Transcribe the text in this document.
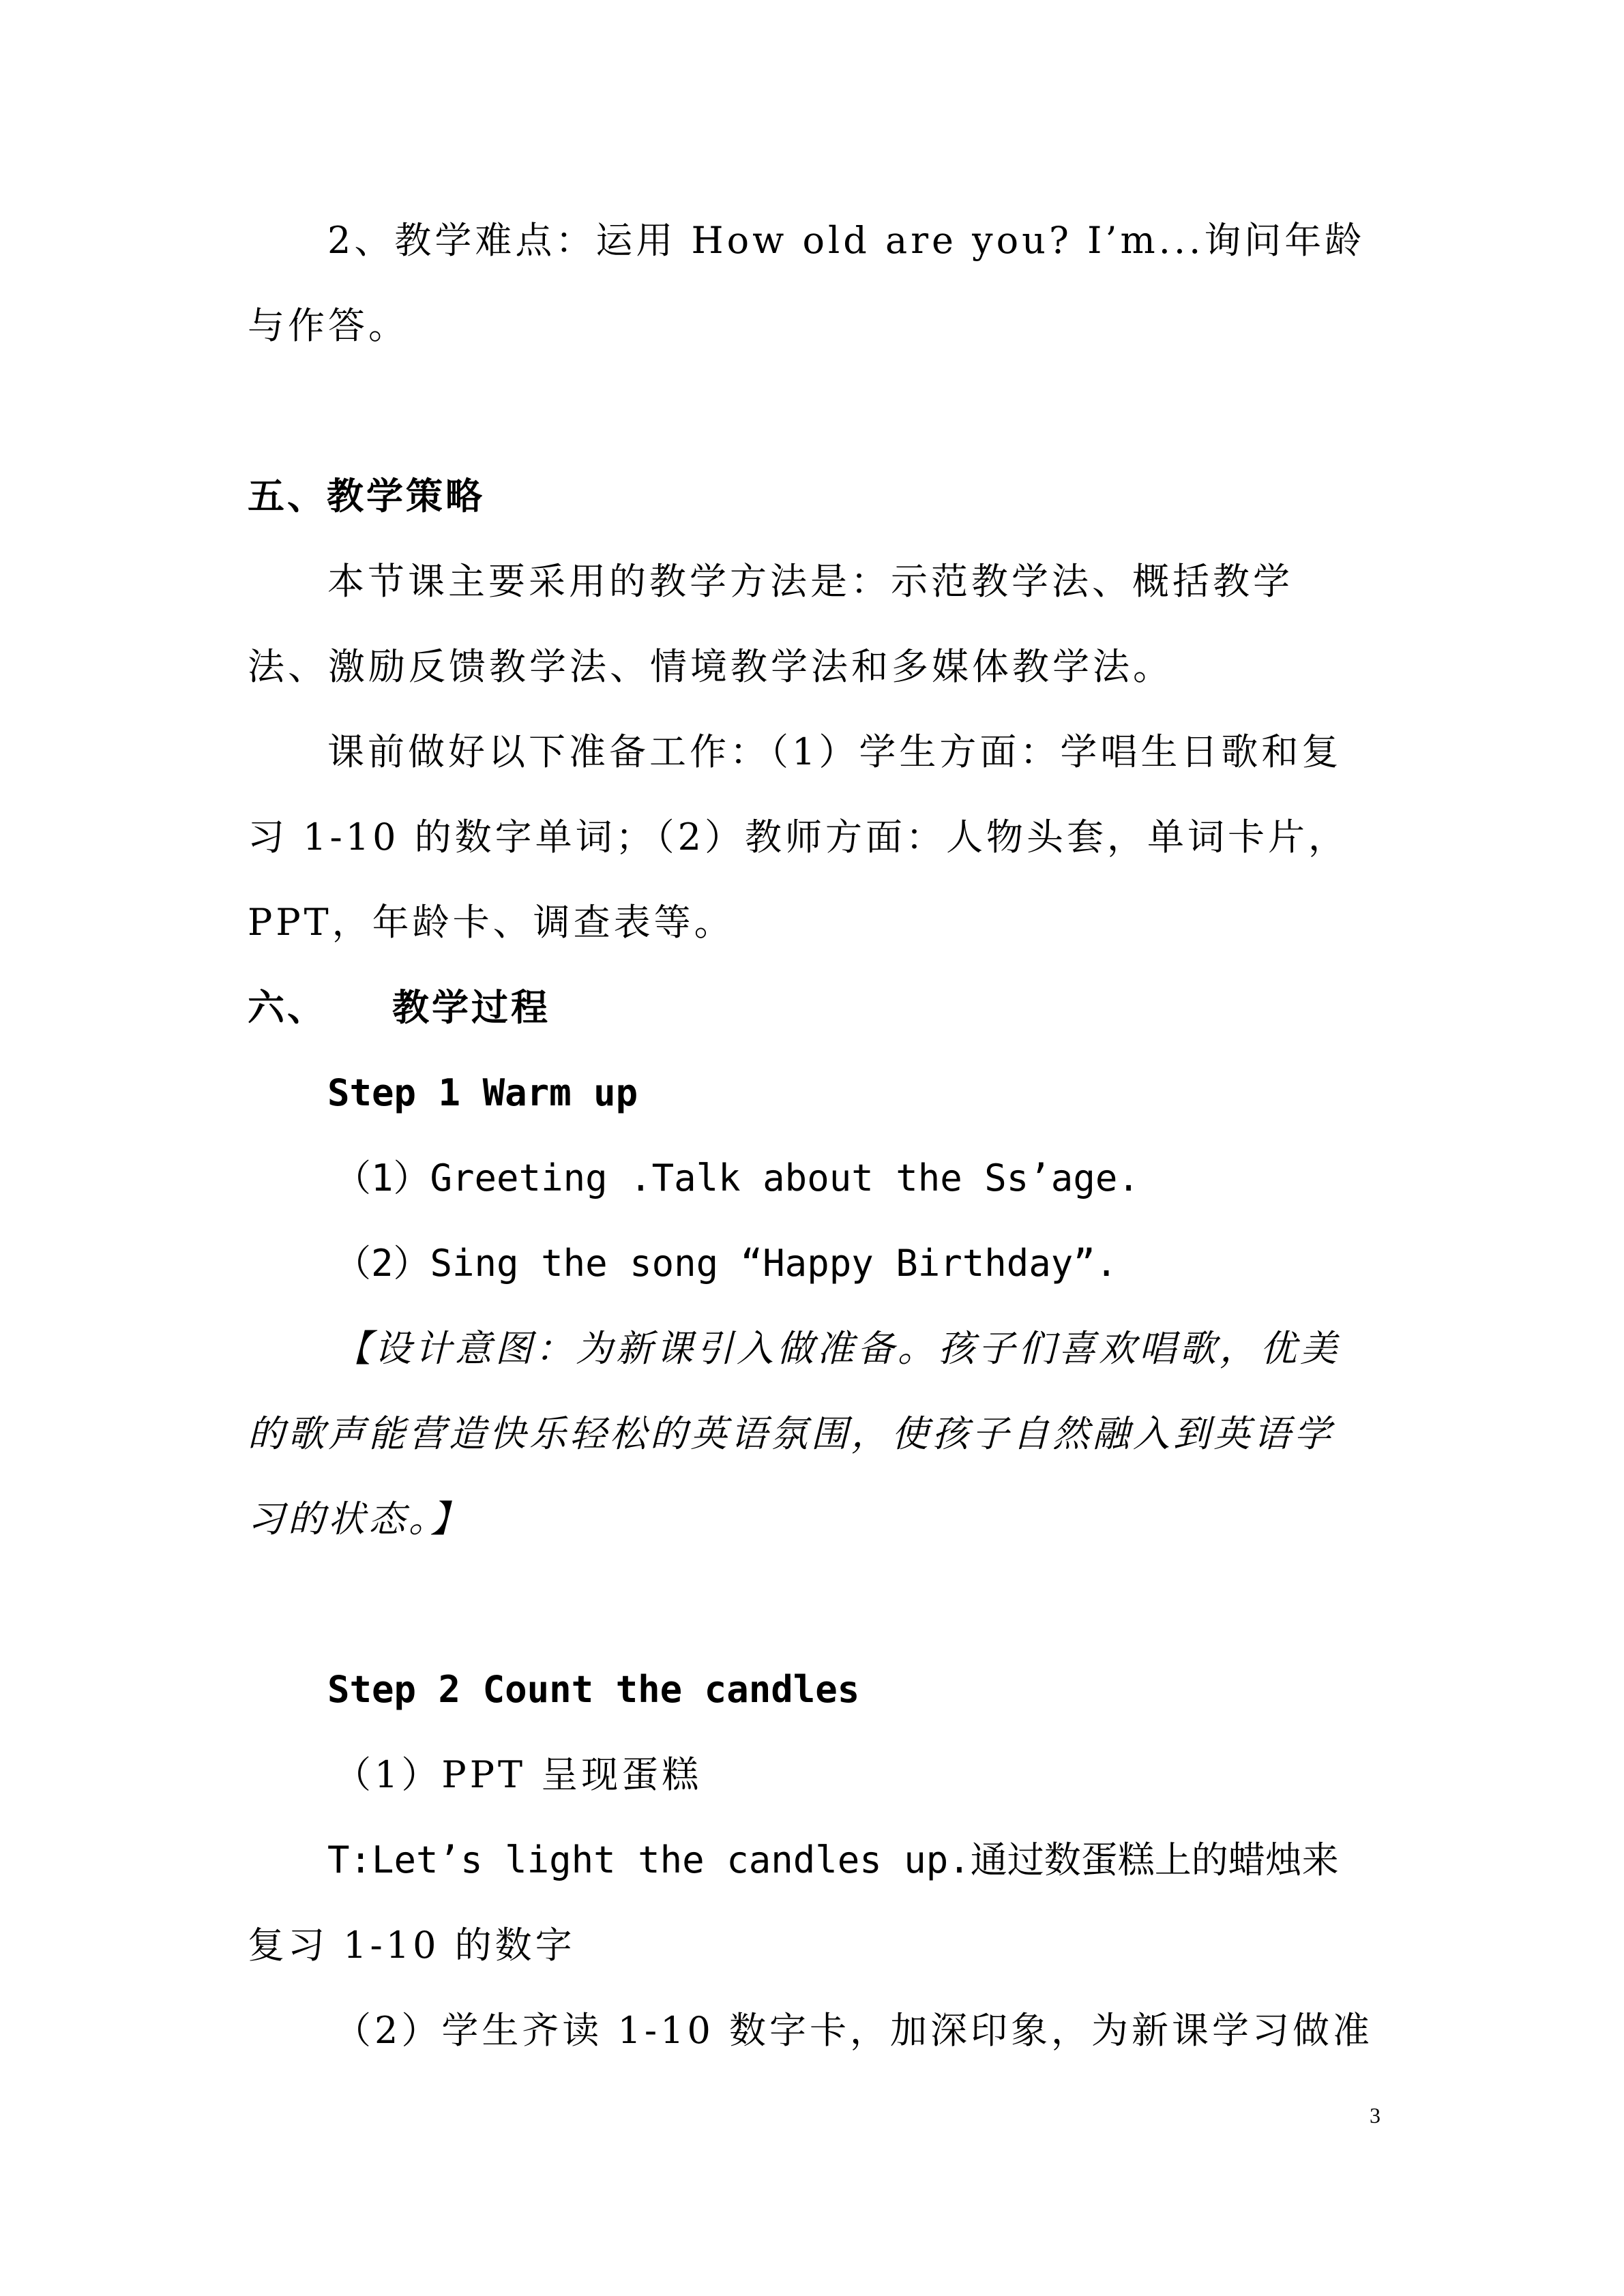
2、教学难点：运用 How old are you? I’m...询问年龄
与作答。
五、教学策略
本节课主要采用的教学方法是：示范教学法、概括教学
法、激励反馈教学法、情境教学法和多媒体教学法。
课前做好以下准备工作：（1）学生方面：学唱生日歌和复
习 1-10 的数字单词；（2）教师方面：人物头套，单词卡片，
PPT，年龄卡、调查表等。
六、 教学过程
Step 1 Warm up
（1）Greeting .Talk about the Ss’age.
（2）Sing the song “Happy Birthday”.
【设计意图：为新课引入做准备。孩子们喜欢唱歌，优美
的歌声能营造快乐轻松的英语氛围，使孩子自然融入到英语学
习的状态。】
Step 2 Count the candles
（1）PPT 呈现蛋糕
T:Let’s light the candles up.通过数蛋糕上的蜡烛来
复习 1-10 的数字
（2）学生齐读 1-10 数字卡，加深印象，为新课学习做准
3
